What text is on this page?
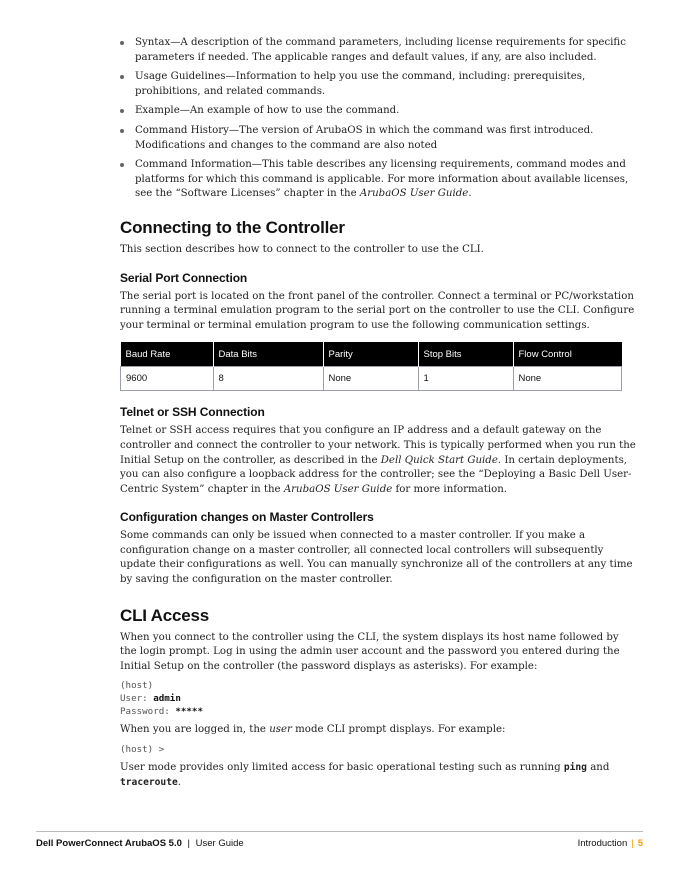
Syntax—A description of the command parameters, including license requirements for specific parameters if needed. The applicable ranges and default values, if any, are also included.
Usage Guidelines—Information to help you use the command, including: prerequisites, prohibitions, and related commands.
Example—An example of how to use the command.
Command History—The version of ArubaOS in which the command was first introduced. Modifications and changes to the command are also noted
Command Information—This table describes any licensing requirements, command modes and platforms for which this command is applicable. For more information about available licenses, see the “Software Licenses” chapter in the ArubaOS User Guide.
Connecting to the Controller

This section describes how to connect to the controller to use the CLI.

Serial Port Connection

The serial port is located on the front panel of the controller. Connect a terminal or PC/workstation running a terminal emulation program to the serial port on the controller to use the CLI. Configure your terminal or terminal emulation program to use the following communication settings.

Baud Rate	Data Bits	Parity	Stop Bits	Flow Control
9600	8	None	1	None
Telnet or SSH Connection

Telnet or SSH access requires that you configure an IP address and a default gateway on the controller and connect the controller to your network. This is typically performed when you run the Initial Setup on the controller, as described in the Dell Quick Start Guide. In certain deployments, you can also configure a loopback address for the controller; see the “Deploying a Basic Dell User-Centric System” chapter in the ArubaOS User Guide for more information.

Configuration changes on Master Controllers

Some commands can only be issued when connected to a master controller. If you make a configuration change on a master controller, all connected local controllers will subsequently update their configurations as well. You can manually synchronize all of the controllers at any time by saving the configuration on the master controller.

CLI Access

When you connect to the controller using the CLI, the system displays its host name followed by the login prompt. Log in using the admin user account and the password you entered during the Initial Setup on the controller (the password displays as asterisks). For example:

(host)
User: admin
Password: *****

When you are logged in, the user mode CLI prompt displays. For example:

(host) >

User mode provides only limited access for basic operational testing such as running ping and traceroute.

Dell PowerConnect ArubaOS 5.0 | User Guide	Introduction | 5
